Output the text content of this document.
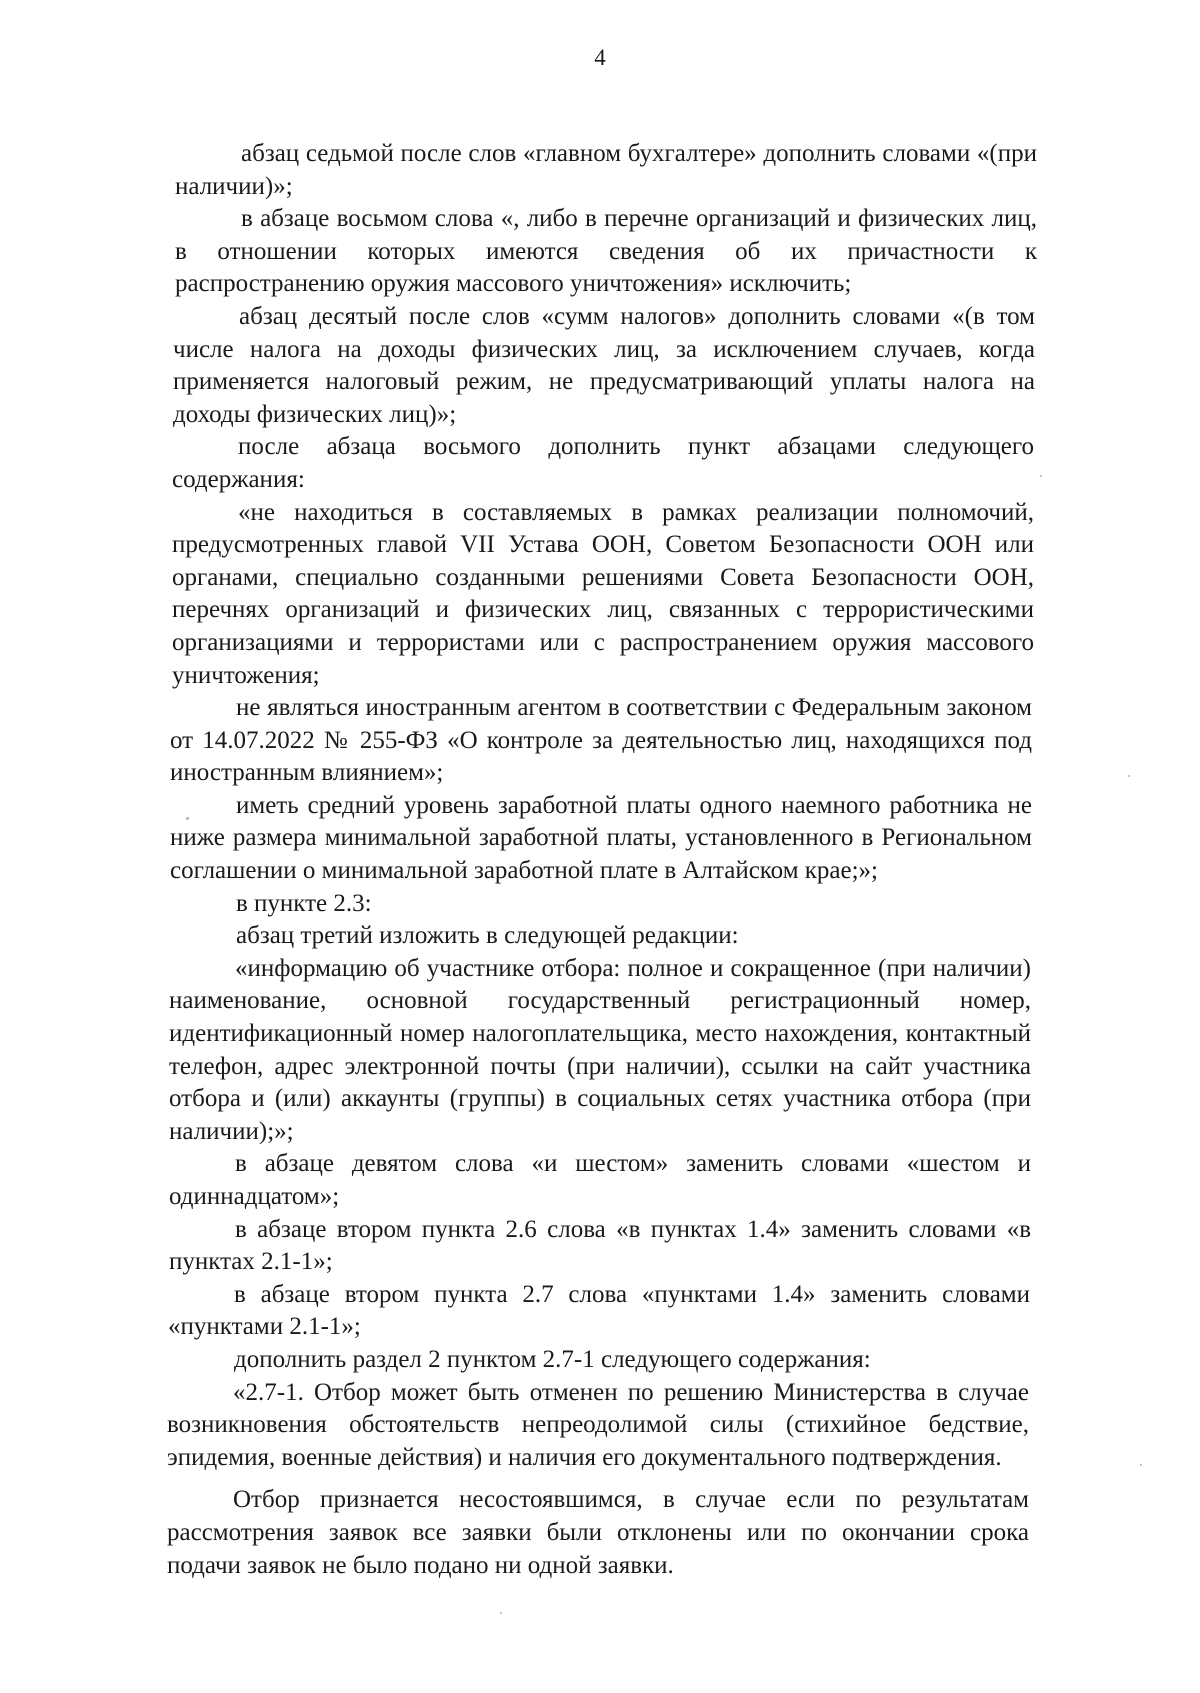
4

абзац седьмой после слов «главном бухгалтере» дополнить словами «(при наличии)»;

в абзаце восьмом слова «, либо в перечне организаций и физических лиц, в отношении которых имеются сведения об их причастности к распространению оружия массового уничтожения» исключить;

абзац десятый после слов «сумм налогов» дополнить словами «(в том числе налога на доходы физических лиц, за исключением случаев, когда применяется налоговый режим, не предусматривающий уплаты налога на доходы физических лиц)»;

после абзаца восьмого дополнить пункт абзацами следующего содержания:

«не находиться в составляемых в рамках реализации полномочий, предусмотренных главой VII Устава ООН, Советом Безопасности ООН или органами, специально созданными решениями Совета Безопасности ООН, перечнях организаций и физических лиц, связанных с террористическими организациями и террористами или с распространением оружия массового уничтожения;

не являться иностранным агентом в соответствии с Федеральным законом от 14.07.2022 № 255-ФЗ «О контроле за деятельностью лиц, находящихся под иностранным влиянием»;

иметь средний уровень заработной платы одного наемного работника не ниже размера минимальной заработной платы, установленного в Региональном соглашении о минимальной заработной плате в Алтайском крае;»;

в пункте 2.3:

абзац третий изложить в следующей редакции:

«информацию об участнике отбора: полное и сокращенное (при наличии) наименование, основной государственный регистрационный номер, идентификационный номер налогоплательщика, место нахождения, контактный телефон, адрес электронной почты (при наличии), ссылки на сайт участника отбора и (или) аккаунты (группы) в социальных сетях участника отбора (при наличии);»;

в абзаце девятом слова «и шестом» заменить словами «шестом и одиннадцатом»;

в абзаце втором пункта 2.6 слова «в пунктах 1.4» заменить словами «в пунктах 2.1-1»;

в абзаце втором пункта 2.7 слова «пунктами 1.4» заменить словами «пунктами 2.1-1»;

дополнить раздел 2 пунктом 2.7-1 следующего содержания:

«2.7-1. Отбор может быть отменен по решению Министерства в случае возникновения обстоятельств непреодолимой силы (стихийное бедствие, эпидемия, военные действия) и наличия его документального подтверждения.

Отбор признается несостоявшимся, в случае если по результатам рассмотрения заявок все заявки были отклонены или по окончании срока подачи заявок не было подано ни одной заявки.
